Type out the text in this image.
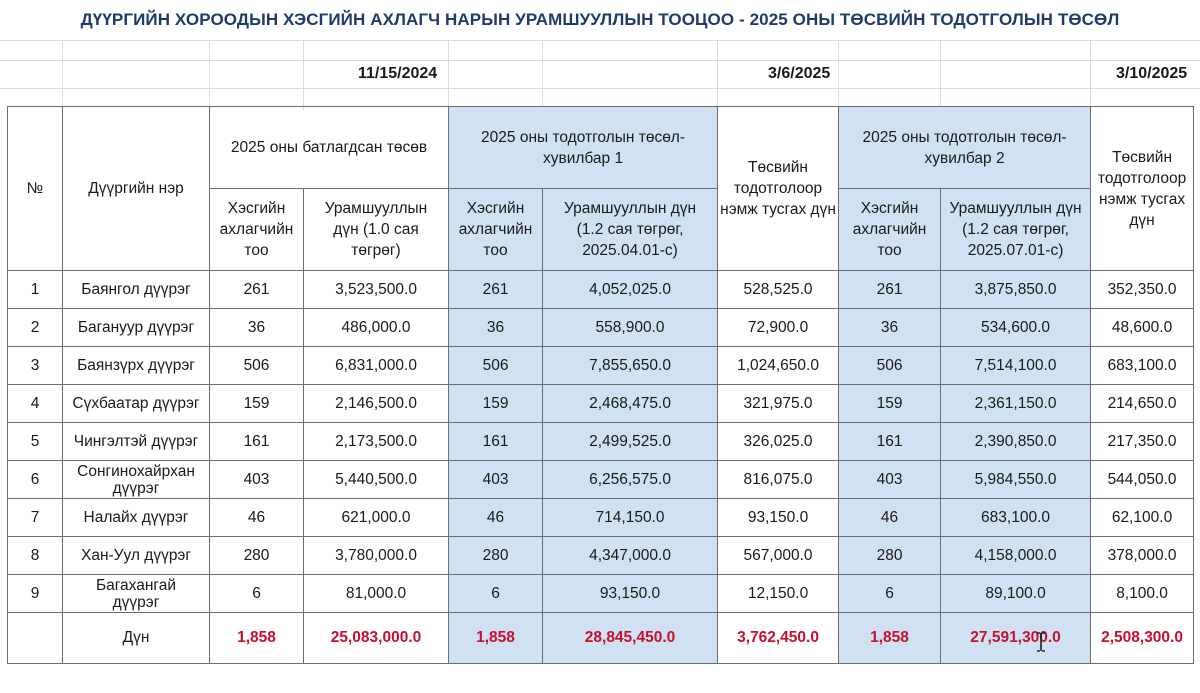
ДҮҮРГИЙН ХОРООДЫН ХЭСГИЙН АХЛАГЧ НАРЫН УРАМШУУЛЛЫН ТООЦОО - 2025 ОНЫ ТӨСВИЙН ТОДОТГОЛЫН ТӨСӨЛ
11/15/2024	3/6/2025	3/10/2025
№	Дүүргийн нэр	2025 оны батлагдсан төсөв		2025 оны тодотголын төсөл-хувилбар 1		Төсвийн тодотголоор нэмж тусгах дүн	2025 оны тодотголын төсөл-хувилбар 2		Төсвийн тодотголоор нэмж тусгах дүн
		Хэсгийн ахлагчийн тоо	Урамшууллын дүн (1.0 сая төгрөг)	Хэсгийн ахлагчийн тоо	Урамшууллын дүн (1.2 сая төгрөг, 2025.04.01-с)		Хэсгийн ахлагчийн тоо	Урамшууллын дүн (1.2 сая төгрөг, 2025.07.01-с)	
1	Баянгол дүүрэг	261	3,523,500.0	261	4,052,025.0	528,525.0	261	3,875,850.0	352,350.0
2	Багануур дүүрэг	36	486,000.0	36	558,900.0	72,900.0	36	534,600.0	48,600.0
3	Баянзүрх дүүрэг	506	6,831,000.0	506	7,855,650.0	1,024,650.0	506	7,514,100.0	683,100.0
4	Сүхбаатар дүүрэг	159	2,146,500.0	159	2,468,475.0	321,975.0	159	2,361,150.0	214,650.0
5	Чингэлтэй дүүрэг	161	2,173,500.0	161	2,499,525.0	326,025.0	161	2,390,850.0	217,350.0
6	Сонгинохайрхан дүүрэг	403	5,440,500.0	403	6,256,575.0	816,075.0	403	5,984,550.0	544,050.0
7	Налайх дүүрэг	46	621,000.0	46	714,150.0	93,150.0	46	683,100.0	62,100.0
8	Хан-Уул дүүрэг	280	3,780,000.0	280	4,347,000.0	567,000.0	280	4,158,000.0	378,000.0
9	Багахангай дүүрэг	6	81,000.0	6	93,150.0	12,150.0	6	89,100.0	8,100.0
	Дүн	1,858	25,083,000.0	1,858	28,845,450.0	3,762,450.0	1,858	27,591,300.0	2,508,300.0
